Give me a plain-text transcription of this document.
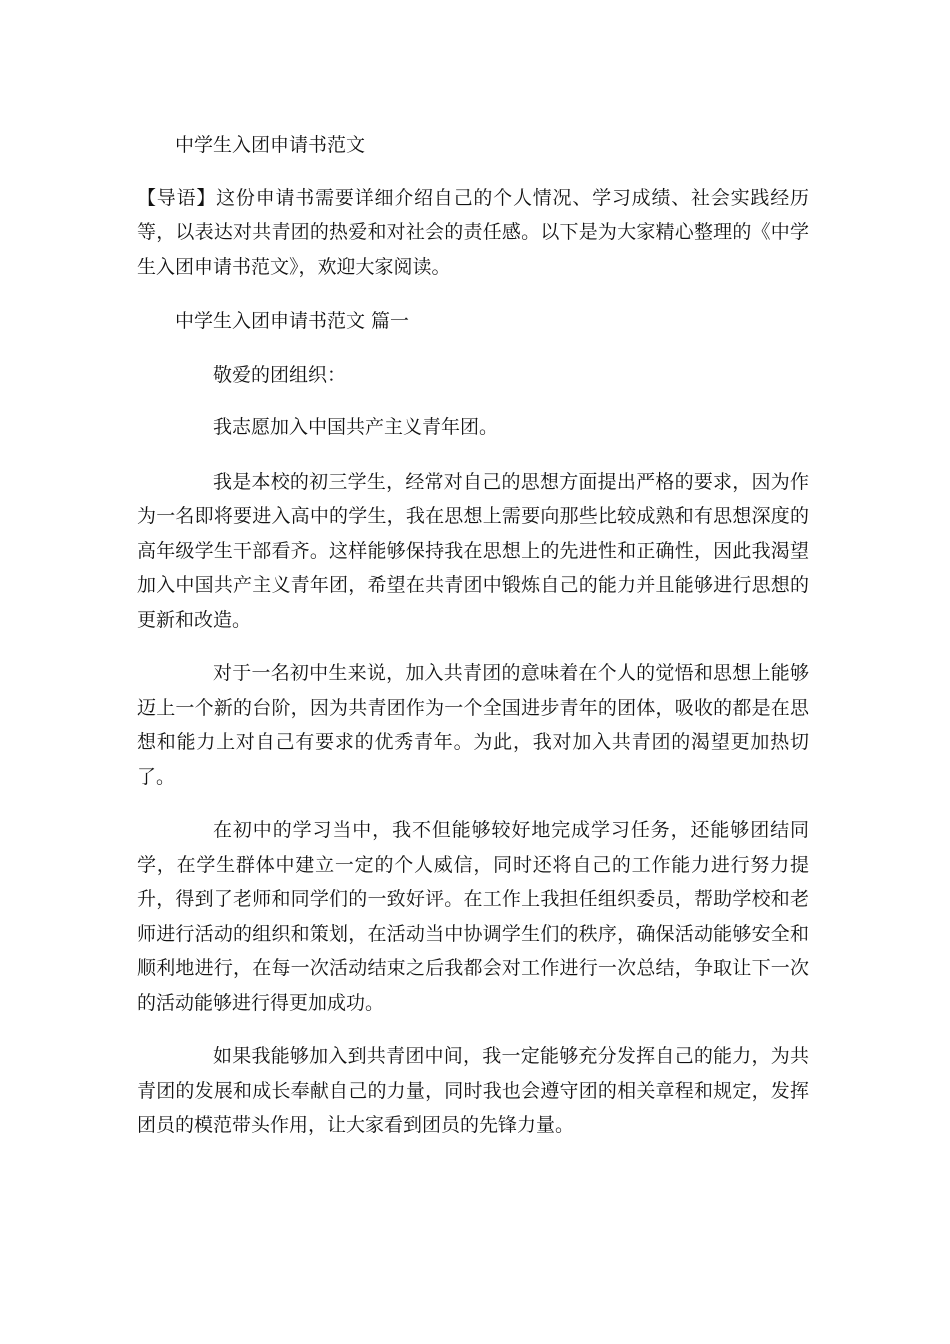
中学生入团申请书范文

【导语】这份申请书需要详细介绍自己的个人情况、学习成绩、社会实践经历等，以表达对共青团的热爱和对社会的责任感。以下是为大家精心整理的《中学生入团申请书范文》，欢迎大家阅读。

中学生入团申请书范文 篇一

敬爱的团组织：

我志愿加入中国共产主义青年团。

我是本校的初三学生，经常对自己的思想方面提出严格的要求，因为作为一名即将要进入高中的学生，我在思想上需要向那些比较成熟和有思想深度的高年级学生干部看齐。这样能够保持我在思想上的先进性和正确性，因此我渴望加入中国共产主义青年团，希望在共青团中锻炼自己的能力并且能够进行思想的更新和改造。

对于一名初中生来说，加入共青团的意味着在个人的觉悟和思想上能够迈上一个新的台阶，因为共青团作为一个全国进步青年的团体，吸收的都是在思想和能力上对自己有要求的优秀青年。为此，我对加入共青团的渴望更加热切了。

在初中的学习当中，我不但能够较好地完成学习任务，还能够团结同学，在学生群体中建立一定的个人威信，同时还将自己的工作能力进行努力提升，得到了老师和同学们的一致好评。在工作上我担任组织委员，帮助学校和老师进行活动的组织和策划，在活动当中协调学生们的秩序，确保活动能够安全和顺利地进行，在每一次活动结束之后我都会对工作进行一次总结，争取让下一次的活动能够进行得更加成功。

如果我能够加入到共青团中间，我一定能够充分发挥自己的能力，为共青团的发展和成长奉献自己的力量，同时我也会遵守团的相关章程和规定，发挥团员的模范带头作用，让大家看到团员的先锋力量。
